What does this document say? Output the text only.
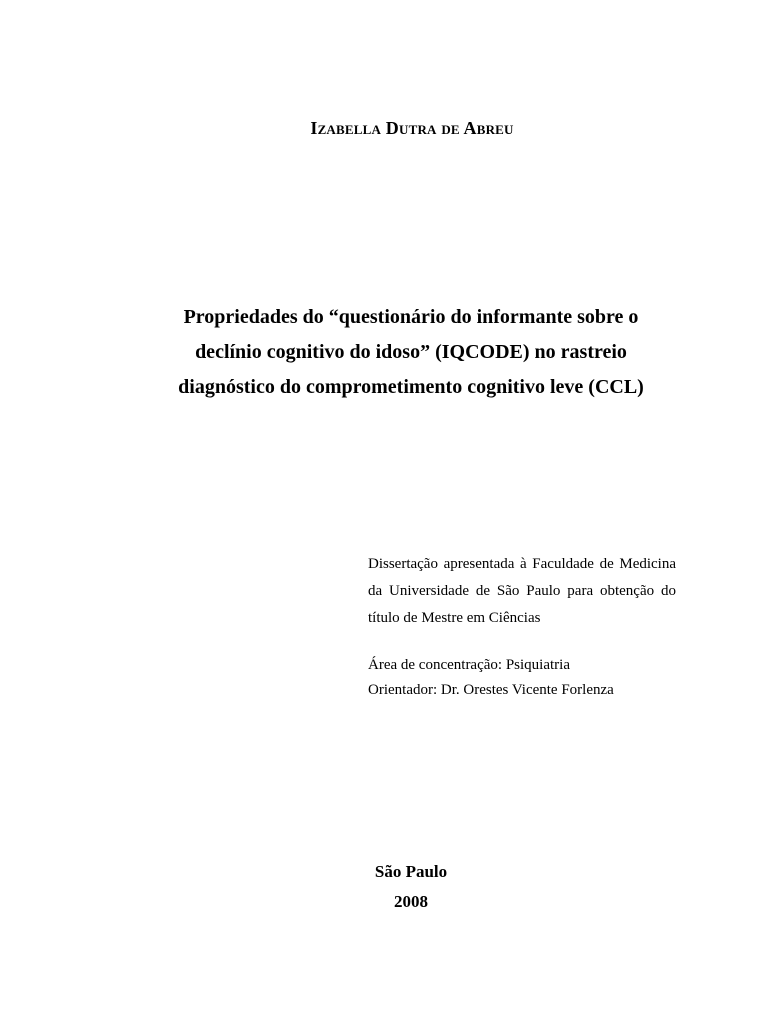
Izabella Dutra de Abreu
Propriedades do “questionário do informante sobre o
declínio cognitivo do idoso” (IQCODE) no rastreio
diagnóstico do comprometimento cognitivo leve (CCL)
Dissertação apresentada à Faculdade de Medicina
da Universidade de São Paulo para obtenção do
título de Mestre em Ciências
Área de concentração: Psiquiatria
Orientador: Dr. Orestes Vicente Forlenza
São Paulo
2008
